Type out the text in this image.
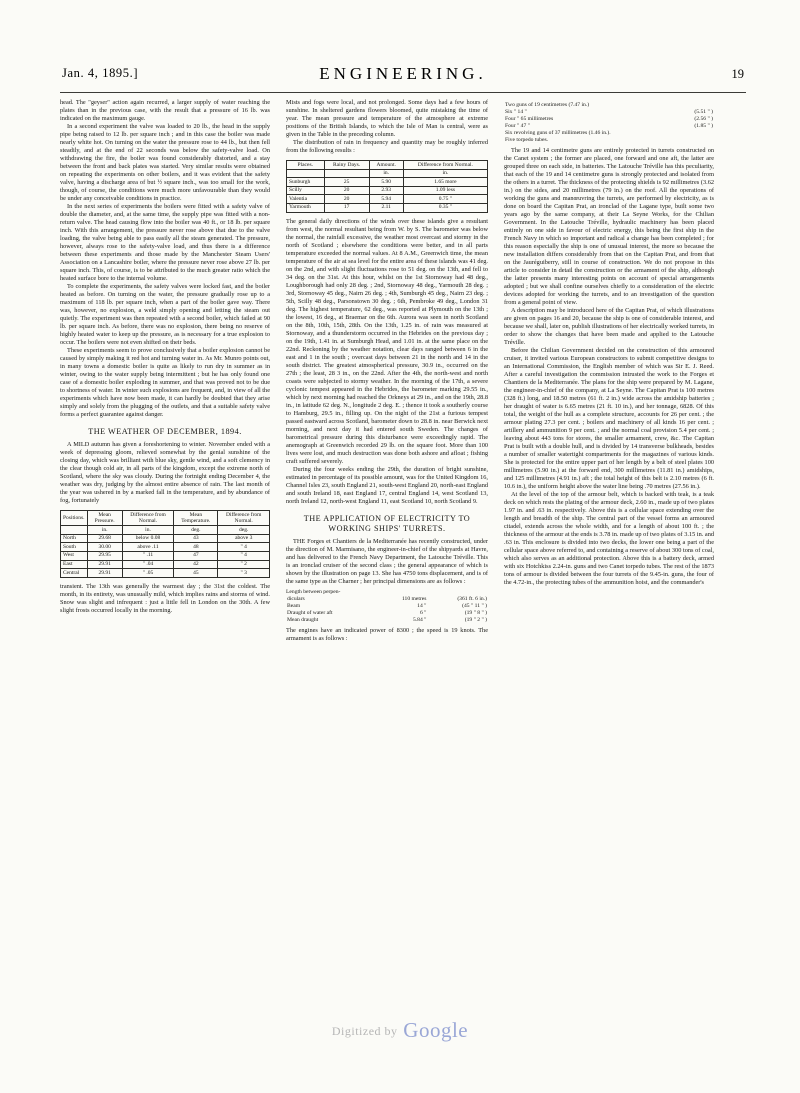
Jan. 4, 1895.]	ENGINEERING.	19

head. The "geyser" action again recurred, a larger supply of water reaching the plates than in the previous case, with the result that a pressure of 16 lb. was indicated on the maximum gauge.

In a second experiment the valve was loaded to 20 lb., the head in the supply pipe being raised to 12 lb. per square inch ; and in this case the boiler was made nearly white hot. On turning on the water the pressure rose to 44 lb., but then fell steadily, and at the end of 22 seconds was below the safety-valve load. On withdrawing the fire, the boiler was found considerably distorted, and a stay between the front and back plates was started. Very similar results were obtained on repeating the experiments on other boilers, and it was evident that the safety valve, having a discharge area of but ½ square inch., was too small for the work, though, of course, the conditions were much more unfavourable than they would be under any conceivable conditions in practice.

In the next series of experiments the boilers were fitted with a safety valve of double the diameter, and, at the same time, the supply pipe was fitted with a non-return valve. The head causing flow into the boiler was 40 ft., or 18 lb. per square inch. With this arrangement, the pressure never rose above that due to the valve loading, the valve being able to pass easily all the steam generated. The pressure, however, always rose to the safety-valve load, and thus there is a difference between these experiments and those made by the Manchester Steam Users' Association on a Lancashire boiler, where the pressure never rose above 27 lb. per square inch. This, of course, is to be attributed to the much greater ratio which the heated surface bore to the internal volume.

To complete the experiments, the safety valves were locked fast, and the boiler heated as before. On turning on the water, the pressure gradually rose up to a maximum of 118 lb. per square inch, when a part of the boiler gave way. There was, however, no explosion, a weld simply opening and letting the steam out quietly. The experiment was then repeated with a second boiler, which failed at 90 lb. per square inch. As before, there was no explosion, there being no reserve of highly heated water to keep up the pressure, as is necessary for a true explosion to occur. The boilers were not even shifted on their beds.

These experiments seem to prove conclusively that a boiler explosion cannot be caused by simply making it red hot and turning water in. As Mr. Munro points out, in many towns a domestic boiler is quite as likely to run dry in summer as in winter, owing to the water supply being intermittent ; but he has only found one case of a domestic boiler exploding in summer, and that was proved not to be due to shortness of water. In winter such explosions are frequent, and, in view of all the experiments which have now been made, it can hardly be doubted that they arise simply and solely from the plugging of the outlets, and that a suitable safety valve forms a perfect guarantee against danger.

THE WEATHER OF DECEMBER, 1894.

A MILD autumn has given a foreshortening to winter. November ended with a week of depressing gloom, relieved somewhat by the genial sunshine of the closing day, which was brilliant with blue sky, gentle wind, and a soft clemency in the clear though cold air, in all parts of the kingdom, except the extreme north of Scotland, where the sky was cloudy. During the fortnight ending December 4, the weather was dry, judging by the almost entire absence of rain. The last month of the year was ushered in by a marked fall in the temperature, and by abundance of fog, fortunately

Positions.	Mean Pressure.	Difference from Normal.	Mean Temperature.	Difference from Normal.
	in.	in.	deg.	deg.
North	29.68	below 0.08	43	above 3
South	30.00	above .11	48	" 4
West	29.95	" .11	47	" 4
East	29.91	" .04	42	" 2
Central	29.91	" .05	45	" 3

transient. The 13th was generally the warmest day ; the 31st the coldest. The month, in its entirety, was unusually mild, which implies rains and storms of wind. Snow was slight and infrequent : just a little fell in London on the 30th. A few slight frosts occurred locally in the morning.

Mists and fogs were local, and not prolonged. Some days had a few hours of sunshine. In sheltered gardens flowers bloomed, quite mistaking the time of year. The mean pressure and temperature of the atmosphere at extreme positions of the British Islands, to which the Isle of Man is central, were as given in the Table in the preceding column.

The distribution of rain in frequency and quantity may be roughly inferred from the following results :

Places.	Rainy Days.	Amount.	Difference from Normal.
		in.	in.
Sunburgh	25	5.90	1.65 more
Scilly	20	2.93	1.09 less
Valentia	20	5.94	0.75 "
Yarmouth	17	2.11	0.35 "

The general daily directions of the winds over these islands give a resultant from west, the normal resultant being from W. by S. The barometer was below the normal, the rainfall excessive, the weather most overcast and stormy in the north of Scotland ; elsewhere the conditions were better, and in all parts temperature exceeded the normal values. At 8 A.M., Greenwich time, the mean temperature of the air at sea level for the entire area of these islands was 41 deg. on the 2nd, and with slight fluctuations rose to 51 deg. on the 13th, and fell to 34 deg. on the 31st. At this hour, whilst on the 1st Stornoway had 48 deg., Loughborough had only 28 deg. ; 2nd, Stornoway 48 deg., Yarmouth 28 deg. ; 3rd, Stornoway 45 deg., Nairn 26 deg. ; 4th, Sumburgh 45 deg., Nairn 23 deg. ; 5th, Scilly 48 deg., Parsonstown 30 deg. ; 6th, Pembroke 49 deg., London 31 deg. The highest temperature, 62 deg., was reported at Plymouth on the 13th ; the lowest, 16 deg., at Braemar on the 6th. Aurora was seen in north Scotland on the 8th, 10th, 15th, 28th. On the 13th, 1.25 in. of rain was measured at Stornoway, and a thunderstorm occurred in the Hebrides on the previous day ; on the 19th, 1.41 in. at Sumburgh Head, and 1.01 in. at the same place on the 22nd. Reckoning by the weather notation, clear days ranged between 6 in the east and 1 in the south ; overcast days between 21 in the north and 14 in the south district. The greatest atmospherical pressure, 30.9 in., occurred on the 27th ; the least, 28 3 in., on the 22nd. After the 4th, the north-west and north coasts were subjected to stormy weather. In the morning of the 17th, a severe cyclonic tempest appeared in the Hebrides, the barometer marking 29.55 in., which by next morning had reached the Orkneys at 29 in., and on the 19th, 28.8 in., in latitude 62 deg. N., longitude 2 deg. E. ; thence it took a southerly course to Hamburg, 29.5 in., filling up. On the night of the 21st a furious tempest passed eastward across Scotland, barometer down to 28.8 in. near Berwick next morning, and next day it had entered south Sweden. The changes of barometrical pressure during this disturbance were exceedingly rapid. The anemograph at Greenwich recorded 29 lb. on the square foot. More than 100 lives were lost, and much destruction was done both ashore and afloat ; fishing craft suffered severely.

During the four weeks ending the 29th, the duration of bright sunshine, estimated in percentage of its possible amount, was for the United Kingdom 16, Channel Isles 23, south England 21, south-west England 20, north-east England and south Ireland 18, east England 17, central England 14, west Scotland 13, north Ireland 12, north-west England 11, east Scotland 10, north Scotland 9.

THE APPLICATION OF ELECTRICITY TO WORKING SHIPS' TURRETS.

THE Forges et Chantiers de la Mediterranée has recently constructed, under the direction of M. Marmisano, the engineer-in-chief of the shipyards at Havre, and has delivered to the French Navy Department, the Latouche Tréville. This is an ironclad cruiser of the second class ; the general appearance of which is shown by the illustration on page 13. She has 4750 tons displacement, and is of the same type as the Charner ; her principal dimensions are as follows :

Length between perpen-
diculars	110 metres	(361 ft. 6 in.)
Beam	14 "	(45 " 11 " )
Draught of water aft	6 "	(19 " 8 " )
Mean draught	5.84 "	(19 " 2 " )

The engines have an indicated power of 8300 ; the speed is 19 knots. The armament is as follows :

Two guns of 19 centimetres (7.47 in.)	
Six " 14 "	(5.51 " )
Four " 65 millimetres	(2.56 " )
Four " 47 "	(1.85 " )
Six revolving guns of 37 millimetres (1.46 in.).	
Five torpedo tubes.	

The 19 and 14 centimetre guns are entirely protected in turrets constructed on the Canet system ; the former are placed, one forward and one aft, the latter are grouped three on each side, in batteries. The Latouche Tréville has this peculiarity, that each of the 19 and 14 centimetre guns is strongly protected and isolated from the others in a turret. The thickness of the protecting shields is 92 millimetres (3.62 in.) on the sides, and 20 millimetres (79 in.) on the roof. All the operations of working the guns and manœuvring the turrets, are performed by electricity, as is done on board the Capitan Prat, an ironclad of the Lagane type, built some two years ago by the same company, at their La Seyne Works, for the Chilian Government. In the Latouche Tréville, hydraulic machinery has been placed entirely on one side in favour of electric energy, this being the first ship in the French Navy in which so important and radical a change has been completed ; for this reason especially the ship is one of unusual interest, the more so because the new installation differs considerably from that on the Capitan Prat, and from that on the Jauréguiberry, still in course of construction. We do not propose in this article to consider in detail the construction or the armament of the ship, although the latter presents many interesting points on account of special arrangements adopted ; but we shall confine ourselves chiefly to a consideration of the electric devices adopted for working the turrets, and to an investigation of the question from a general point of view.

A description may be introduced here of the Capitan Prat, of which illustrations are given on pages 16 and 20, because the ship is one of considerable interest, and because we shall, later on, publish illustrations of her electrically worked turrets, in order to show the changes that have been made and applied to the Latouche Tréville.

Before the Chilian Government decided on the construction of this armoured cruiser, it invited various European constructors to submit competitive designs to an International Commission, the English member of which was Sir E. J. Reed. After a careful investigation the commission intrusted the work to the Forges et Chantiers de la Mediterranée. The plans for the ship were prepared by M. Lagane, the engineer-in-chief of the company, at La Seyne. The Capitan Prat is 100 metres (328 ft.) long, and 18.50 metres (61 ft. 2 in.) wide across the amidship batteries ; her draught of water is 6.65 metres (21 ft. 10 in.), and her tonnage, 6828. Of this total, the weight of the hull as a complete structure, accounts for 26 per cent. ; the armour plating 27.3 per cent. ; boilers and machinery of all kinds 16 per cent. ; artillery and ammunition 9 per cent. ; and the normal coal provision 5.4 per cent. ; leaving about 443 tons for stores, the smaller armament, crew, &c. The Capitan Prat is built with a double hull, and is divided by 14 transverse bulkheads, besides a number of smaller watertight compartments for the magazines of various kinds. She is protected for the entire upper part of her length by a belt of steel plates 100 millimetres (5.90 in.) at the forward end, 300 millimetres (11.81 in.) amidships, and 125 millimetres (4.91 in.) aft ; the total height of this belt is 2.10 metres (6 ft. 10.6 in.), the uniform height above the water line being .70 metres (27.56 in.).

At the level of the top of the armour belt, which is backed with teak, is a teak deck on which rests the plating of the armour deck, 2.60 in., made up of two plates 1.97 in. and .63 in. respectively. Above this is a cellular space extending over the length and breadth of the ship. The central part of the vessel forms an armoured citadel, extends across the whole width, and for a length of about 100 ft. ; the thickness of the armour at the ends is 3.78 in. made up of two plates of 3.15 in. and .63 in. This enclosure is divided into two decks, the lower one being a part of the cellular space above referred to, and containing a reserve of about 300 tons of coal, which also serves as an additional protection. Above this is a battery deck, armed with six Hotchkiss 2.24-in. guns and two Canet torpedo tubes. The rest of the 1873 tons of armour is divided between the four turrets of the 9.45-in. guns, the four of the 4.72-in., the protecting tubes of the ammunition hoist, and the commander's

Digitized by Google
